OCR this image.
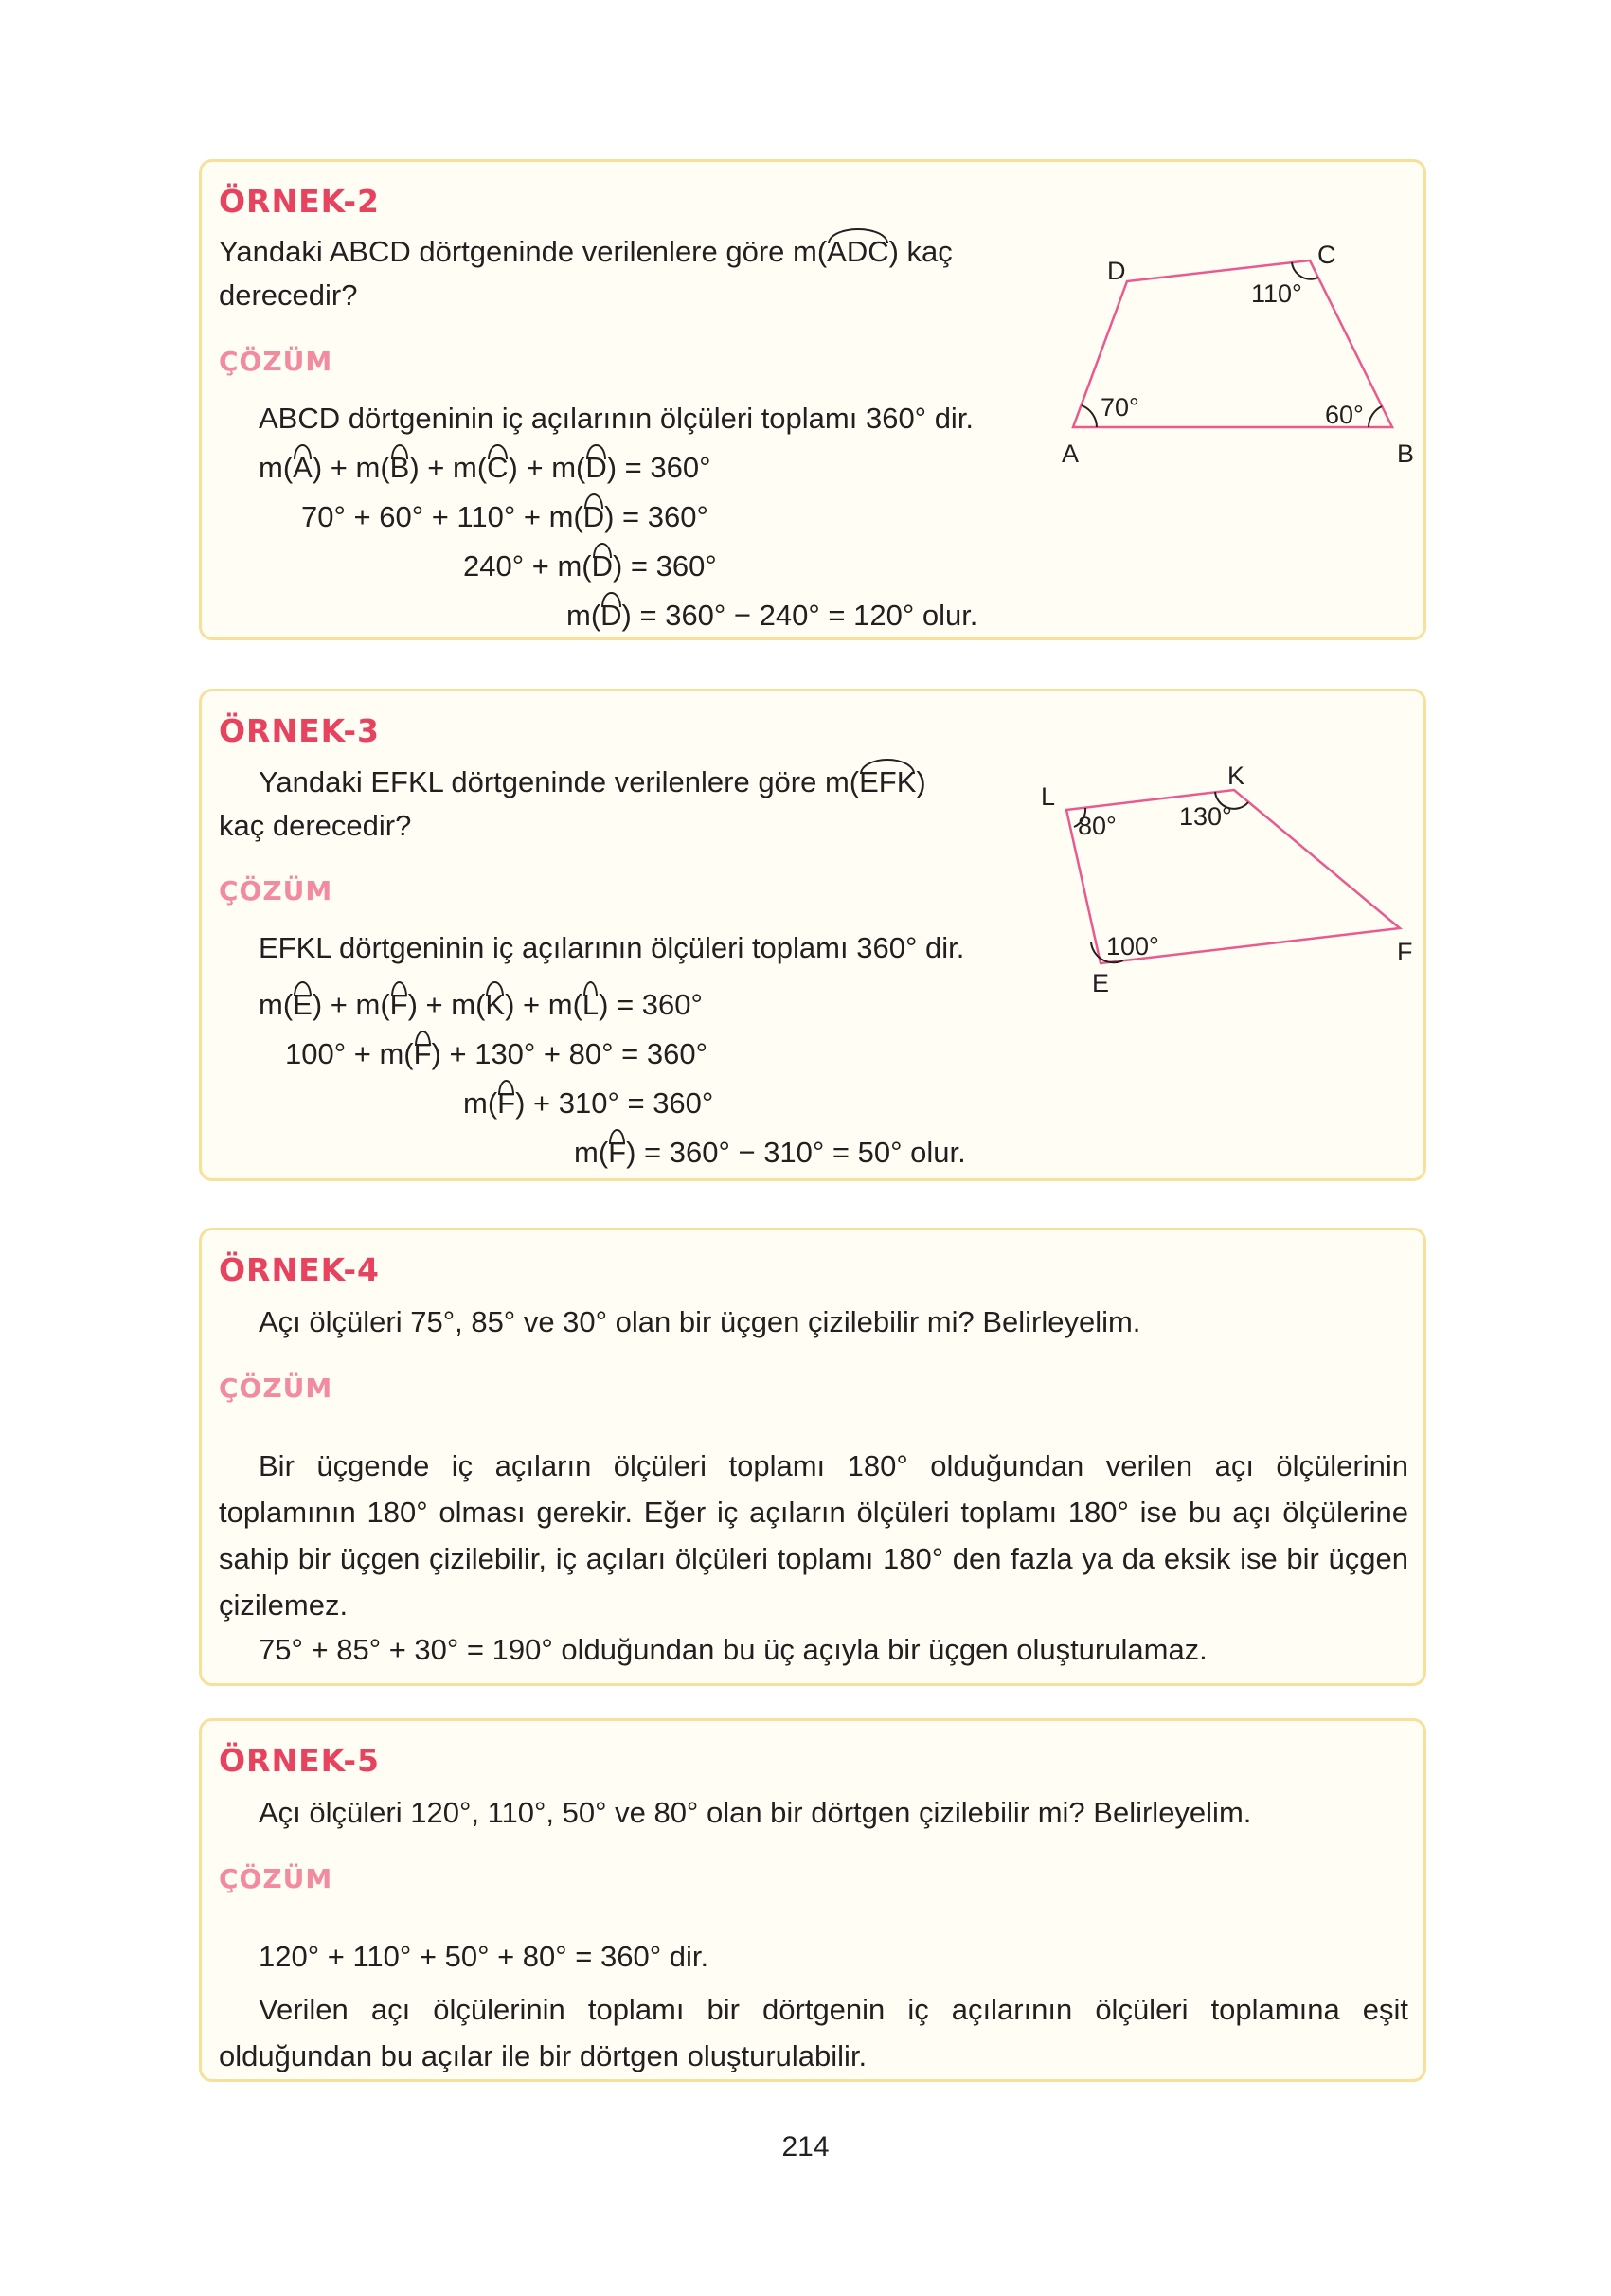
ÖRNEK-2
Yandaki ABCD dörtgeninde verilenlere göre m(ADC) kaç
derecedir?
ÇÖZÜM
ABCD dörtgeninin iç açılarının ölçüleri toplamı 360° dir.
m(A) + m(B) + m(C) + m(D) = 360°
70° + 60° + 110° + m(D) = 360°
240° + m(D) = 360°
m(D) = 360° − 240° = 120° olur.
A	B
C
D
70°	60°
110°
ÖRNEK-3
Yandaki EFKL dörtgeninde verilenlere göre m(EFK)
kaç derecedir?
ÇÖZÜM
EFKL dörtgeninin iç açılarının ölçüleri toplamı 360° dir.
m(E) + m(F) + m(K) + m(L) = 360°
100° + m(F) + 130° + 80° = 360°
m(F) + 310° = 360°
m(F) = 360° − 310° = 50° olur.
E
F
K
L
100°
130°
80°
ÖRNEK-4
Açı ölçüleri 75°, 85° ve 30° olan bir üçgen çizilebilir mi? Belirleyelim.
ÇÖZÜM
Bir üçgende iç açıların ölçüleri toplamı 180° olduğundan verilen açı ölçülerinin toplamının 180° olması gerekir. Eğer iç açıların ölçüleri toplamı 180° ise bu açı ölçülerine sahip bir üçgen çizilebilir, iç açıları ölçüleri toplamı 180° den fazla ya da eksik ise bir üçgen çizilemez.
75° + 85° + 30° = 190° olduğundan bu üç açıyla bir üçgen oluşturulamaz.
ÖRNEK-5
Açı ölçüleri 120°, 110°, 50° ve 80° olan bir dörtgen çizilebilir mi? Belirleyelim.
ÇÖZÜM
120° + 110° + 50° + 80° = 360° dir.
Verilen açı ölçülerinin toplamı bir dörtgenin iç açılarının ölçüleri toplamına eşit olduğundan bu açılar ile bir dörtgen oluşturulabilir.
214
